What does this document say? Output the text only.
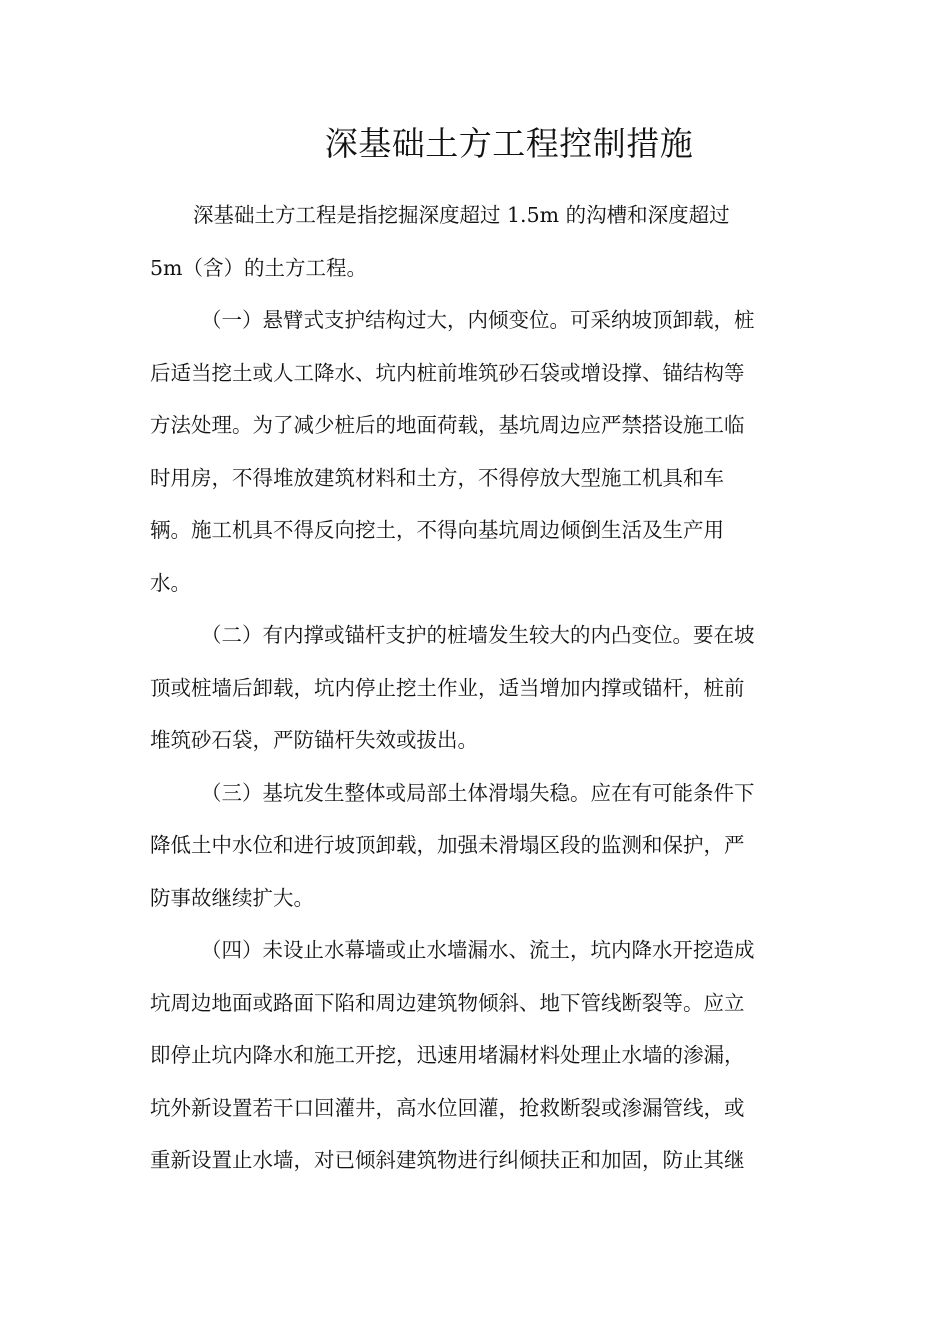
深基础土方工程控制措施

深基础土方工程是指挖掘深度超过 1.5m 的沟槽和深度超过
5m（含）的土方工程。

（一）悬臂式支护结构过大，内倾变位。可采纳坡顶卸载，桩
后适当挖土或人工降水、坑内桩前堆筑砂石袋或增设撑、锚结构等
方法处理。为了减少桩后的地面荷载，基坑周边应严禁搭设施工临
时用房，不得堆放建筑材料和土方，不得停放大型施工机具和车
辆。施工机具不得反向挖土，不得向基坑周边倾倒生活及生产用
水。

（二）有内撑或锚杆支护的桩墙发生较大的内凸变位。要在坡
顶或桩墙后卸载，坑内停止挖土作业，适当增加内撑或锚杆，桩前
堆筑砂石袋，严防锚杆失效或拔出。

（三）基坑发生整体或局部土体滑塌失稳。应在有可能条件下
降低土中水位和进行坡顶卸载，加强未滑塌区段的监测和保护，严
防事故继续扩大。

（四）未设止水幕墙或止水墙漏水、流土，坑内降水开挖造成
坑周边地面或路面下陷和周边建筑物倾斜、地下管线断裂等。应立
即停止坑内降水和施工开挖，迅速用堵漏材料处理止水墙的渗漏，
坑外新设置若干口回灌井，高水位回灌，抢救断裂或渗漏管线，或
重新设置止水墙，对已倾斜建筑物进行纠倾扶正和加固，防止其继
